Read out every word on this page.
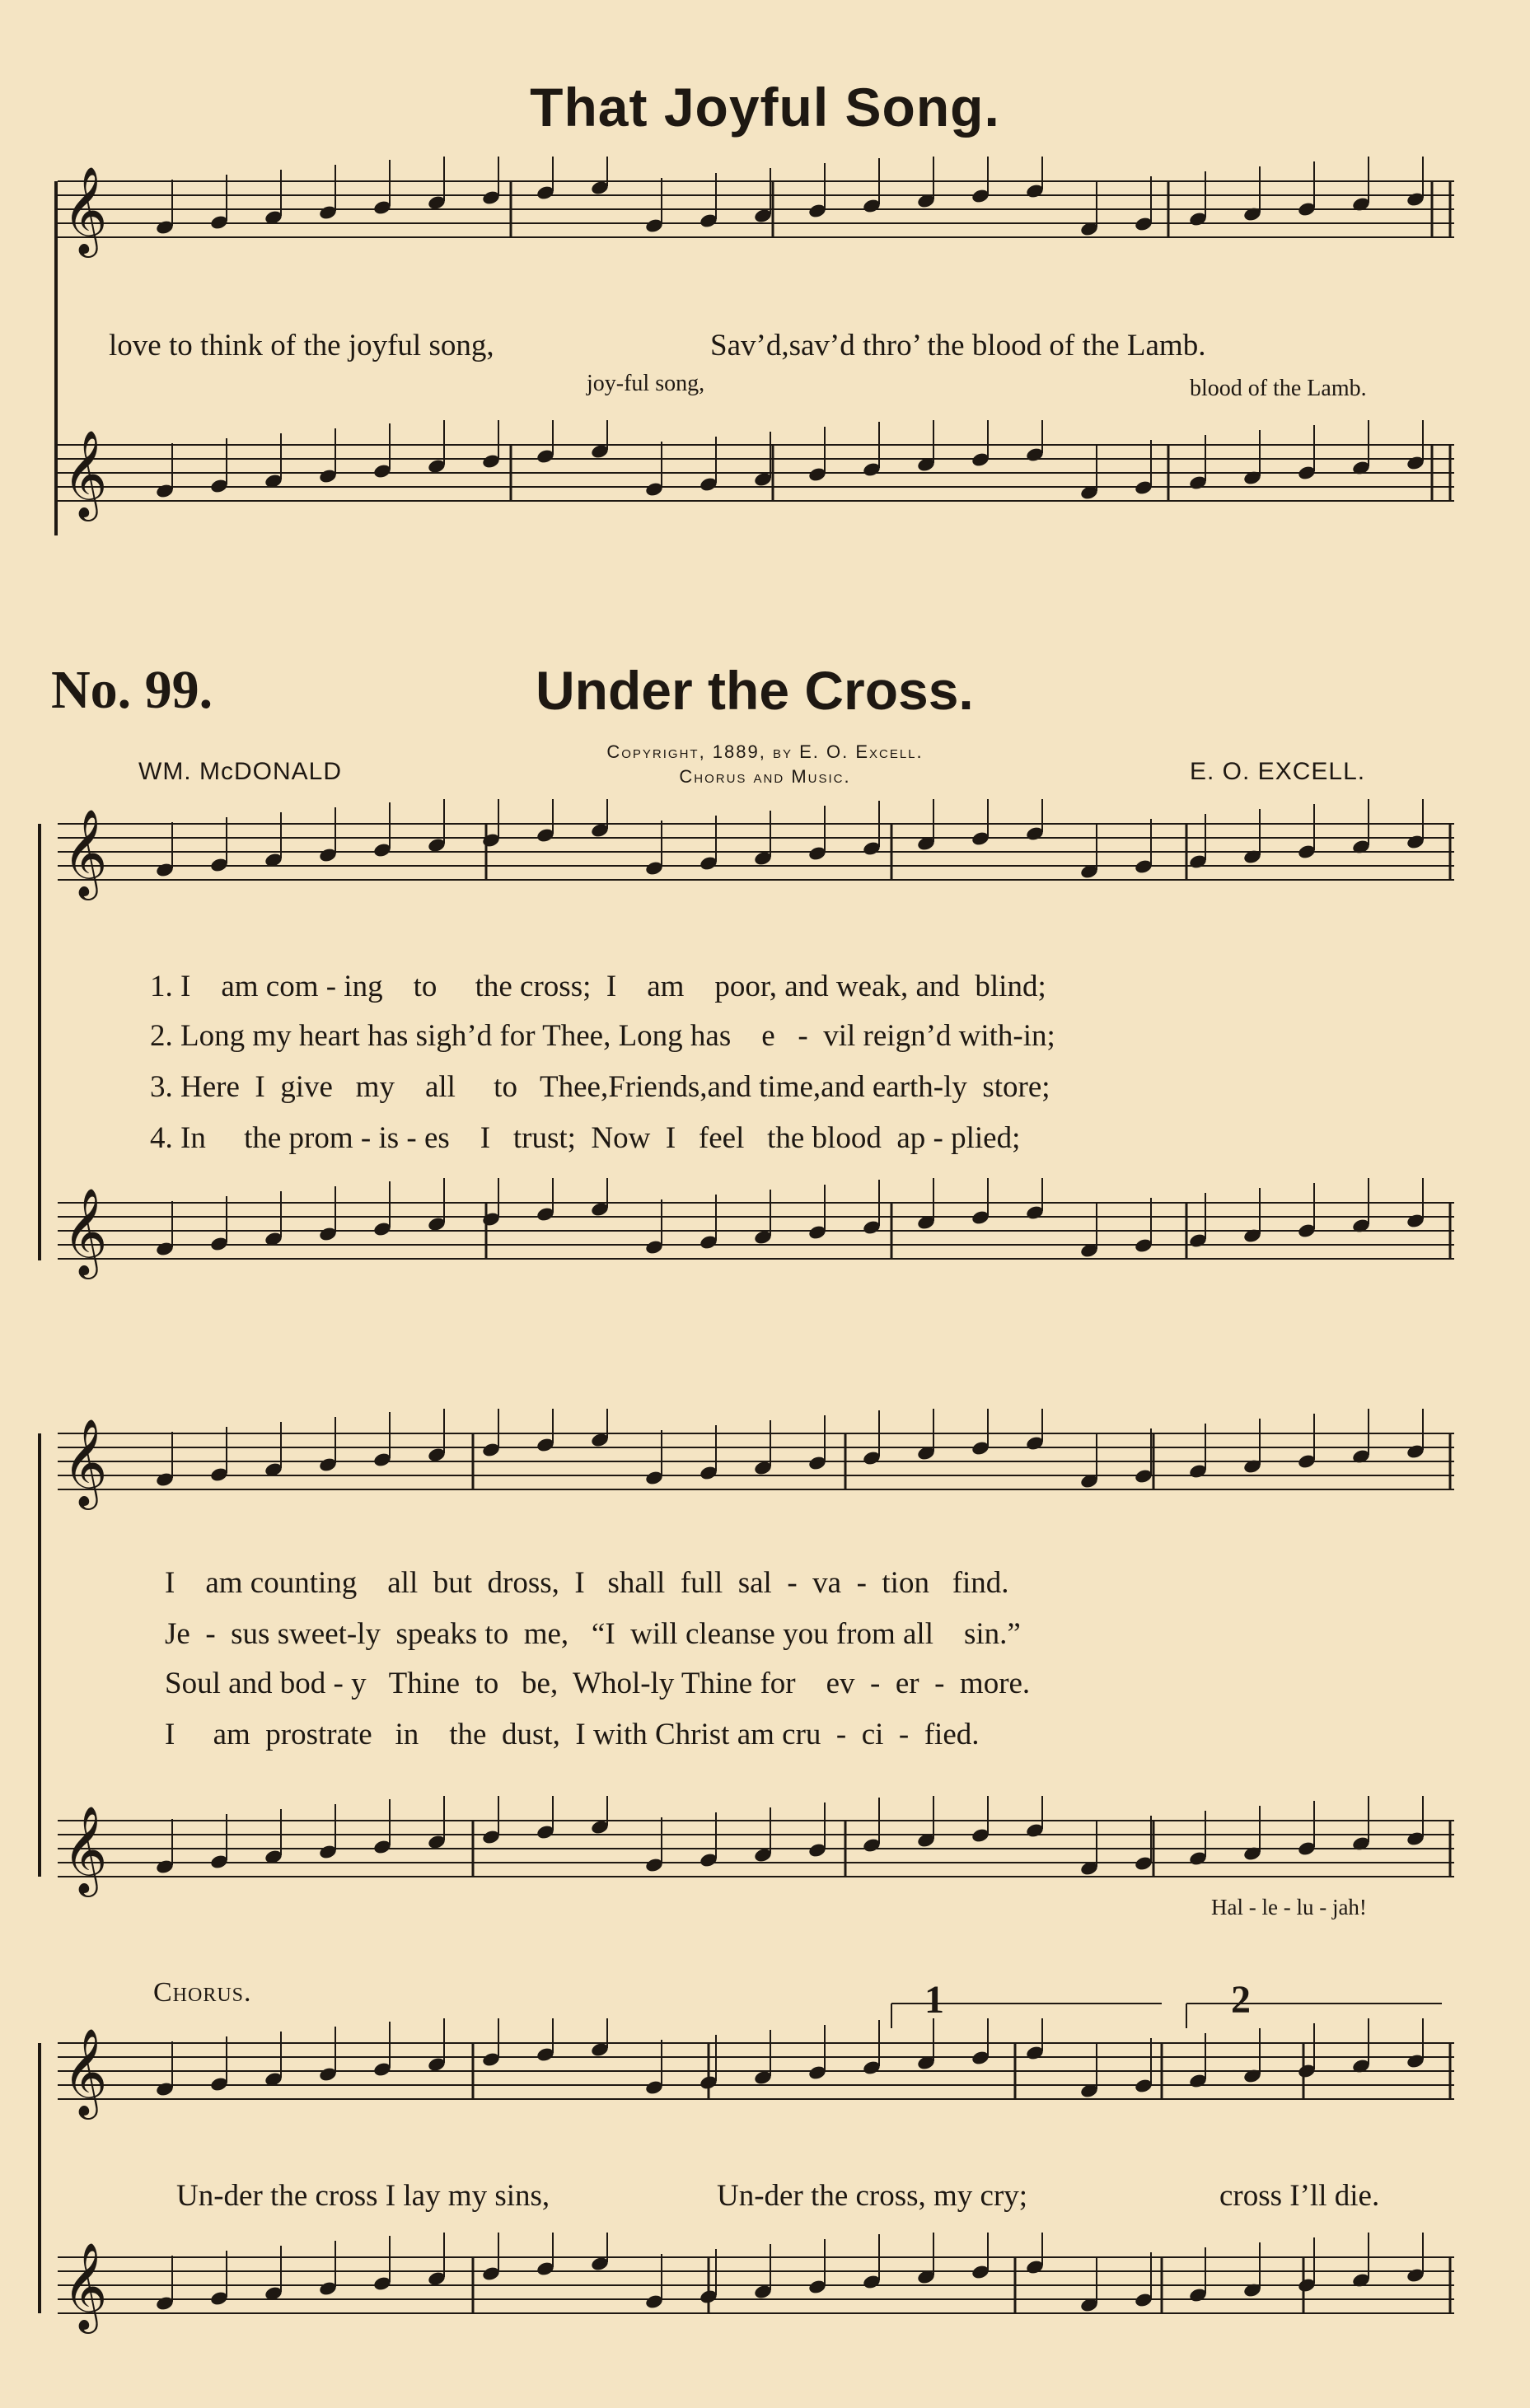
𝄞
𝄞
𝄞
𝄞
𝄞
𝄞
𝄞
𝄞
That Joyful Song.
love to think of the joyful song,	Sav’d,sav’d thro’ the blood of the Lamb.
joy-ful song,	blood of the Lamb.
No. 99.	Under the Cross.
WM. McDONALD
Copyright, 1889, by E. O. Excell.
Chorus and Music.	E. O. EXCELL.
1. I    am com - ing    to     the cross;  I    am    poor, and weak, and  blind;
2. Long my heart has sigh’d for Thee, Long has    e   -  vil reign’d with-in;
3. Here  I  give   my    all     to   Thee,Friends,and time,and earth-ly  store;
4. In     the prom - is - es    I   trust;  Now  I   feel   the blood  ap - plied;
I    am counting    all  but  dross,  I   shall  full  sal  -  va  -  tion   find.
Je  -  sus sweet-ly  speaks to  me,   “I  will cleanse you from all    sin.”
Soul and bod - y   Thine  to   be,  Whol-ly Thine for    ev  -  er  -  more.
I     am  prostrate   in    the  dust,  I with Christ am cru  -  ci  -  fied.
Hal - le - lu - jah!
Chorus.	1	2
Un-der the cross I lay my sins,	Un-der the cross, my cry;	cross I’ll die.
